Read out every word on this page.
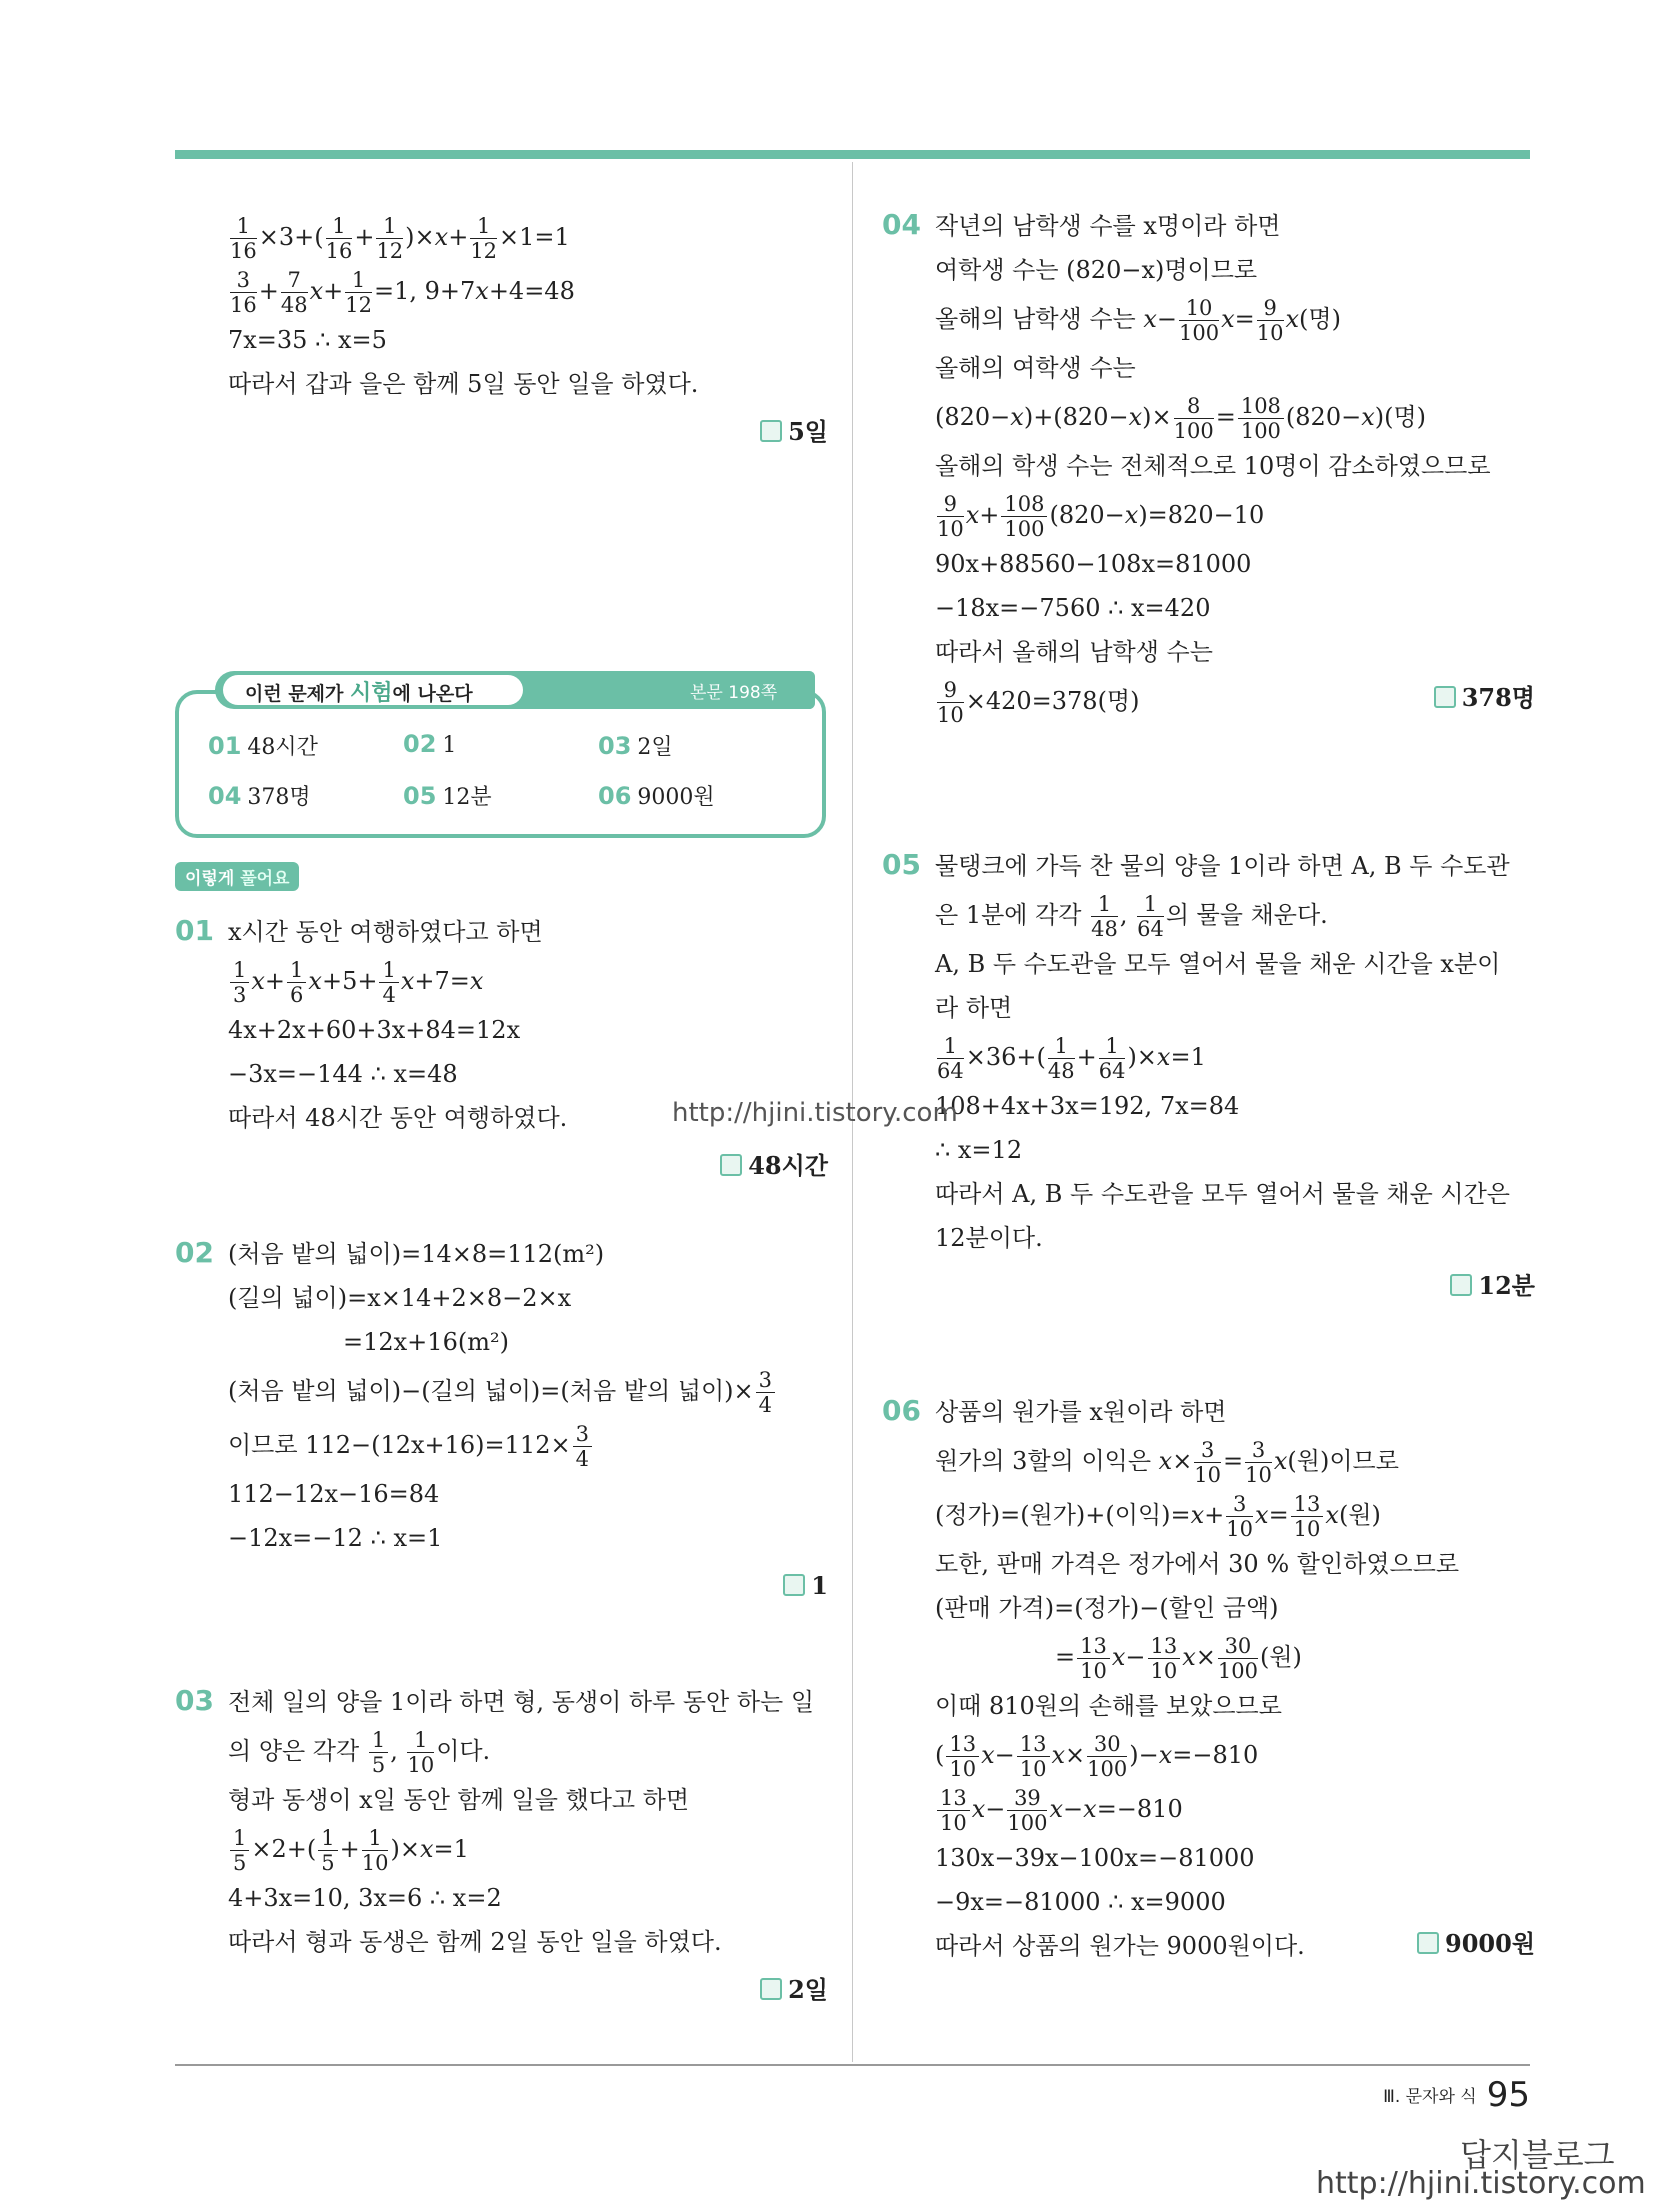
$\frac{1}{16} \times 3+( \frac{1}{16} + \frac{1}{12} )\times x+ \frac{1}{12} \times 1=1$
$\frac{3}{16} + \frac{7}{48} x+ \frac{1}{12} =1$, 9+7x+4=48
7x=35 ∴ x=5
따라서 갑과 을은 함께 5일 동안 일을 하였다.
5일
이런 문제가 시험에 나온다	본문 198쪽
01 48시간	02 1	03 2일
04 378명	05 12분	06 9000원
이렇게 풀어요
01 x시간 동안 여행하였다고 하면
$\frac{1}{3} x+ \frac{1}{6} x+5+ \frac{1}{4} x+7=x$
4x+2x+60+3x+84=12x
−3x=−144 ∴ x=48
따라서 48시간 동안 여행하였다.
48시간
02 (처음 밭의 넓이)=14×8=112(m²)
(길의 넓이)=x×14+2×8−2×x
=12x+16(m²)
(처음 밭의 넓이)−(길의 넓이)=(처음 밭의 넓이)× $\frac{3}{4}$
이므로 $112-(12x+16)=112\times \frac{3}{4}$
112−12x−16=84
−12x=−12 ∴ x=1
1
03 전체 일의 양을 1이라 하면 형, 동생이 하루 동안 하는 일
의 양은 각각 $\frac{1}{5}$ , $\frac{1}{10}$ 이다.
형과 동생이 x일 동안 함께 일을 했다고 하면
$\frac{1}{5} \times 2+( \frac{1}{5} + \frac{1}{10} )\times x=1$
4+3x=10, 3x=6 ∴ x=2
따라서 형과 동생은 함께 2일 동안 일을 하였다.
2일
04 작년의 남학생 수를 x명이라 하면
여학생 수는 (820−x)명이므로
올해의 남학생 수는 $x- \frac{10}{100} x= \frac{9}{10} x$(명)
올해의 여학생 수는
$(820-x)+(820-x)\times \frac{8}{100} = \frac{108}{100} (820-x)$(명)
올해의 학생 수는 전체적으로 10명이 감소하였으므로
$\frac{9}{10} x+ \frac{108}{100} (820-x)=820-10$
90x+88560−108x=81000
−18x=−7560 ∴ x=420
따라서 올해의 남학생 수는
$\frac{9}{10} \times 420=378$(명)	378명
05 물탱크에 가득 찬 물의 양을 1이라 하면 A, B 두 수도관
은 1분에 각각 $\frac{1}{48}$ , $\frac{1}{64}$ 의 물을 채운다.
A, B 두 수도관을 모두 열어서 물을 채운 시간을 x분이
라 하면
$\frac{1}{64} \times 36+( \frac{1}{48} + \frac{1}{64} )\times x=1$
108+4x+3x=192, 7x=84
∴ x=12
따라서 A, B 두 수도관을 모두 열어서 물을 채운 시간은
12분이다.
12분
06 상품의 원가를 x원이라 하면
원가의 3할의 이익은 $x\times \frac{3}{10} = \frac{3}{10} x$(원)이므로
(정가)=(원가)+(이익)$=x+ \frac{3}{10} x= \frac{13}{10} x$(원)
도한, 판매 가격은 정가에서 30 % 할인하였으므로
(판매 가격)=(정가)−(할인 금액)
= $\frac{13}{10} x- \frac{13}{10} x\times \frac{30}{100}$ (원)
이때 810원의 손해를 보았으므로
( $\frac{13}{10} x- \frac{13}{10} x\times \frac{30}{100} )-x=-810$
$\frac{13}{10} x- \frac{39}{100} x-x=-810$
130x−39x−100x=−81000
−9x=−81000 ∴ x=9000
따라서 상품의 원가는 9000원이다.	9000원
Ⅲ. 문자와 식 95
http://hjini.tistory.com
답지블로그
http://hjini.tistory.com
